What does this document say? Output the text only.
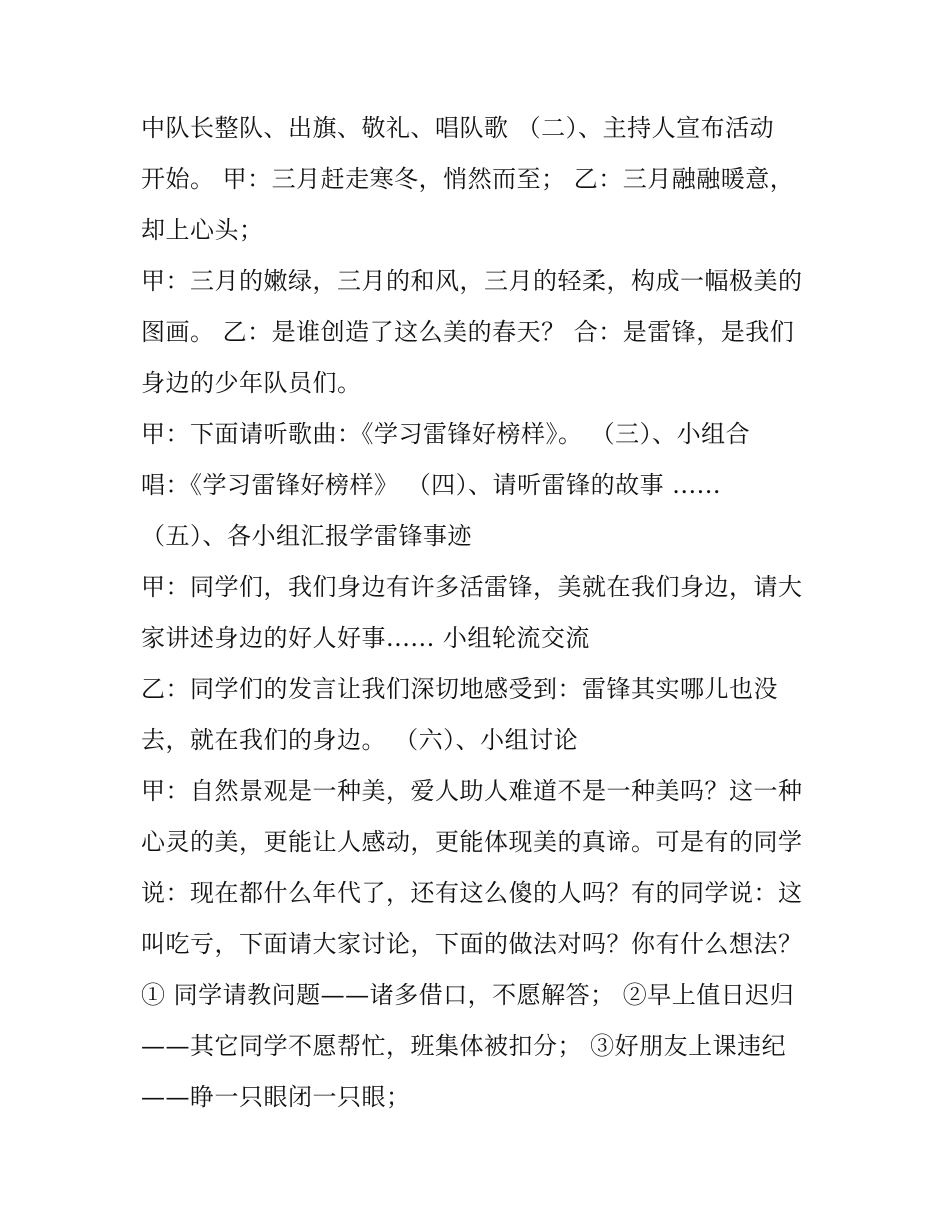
中队长整队、出旗、敬礼、唱队歌 （二）、主持人宣布活动
开始。 甲：三月赶走寒冬，悄然而至； 乙：三月融融暖意，
却上心头；
甲：三月的嫩绿，三月的和风，三月的轻柔，构成一幅极美的
图画。 乙：是谁创造了这么美的春天？ 合：是雷锋，是我们
身边的少年队员们。
甲：下面请听歌曲：《学习雷锋好榜样》。 （三）、小组合
唱：《学习雷锋好榜样》 （四）、请听雷锋的故事 ......
（五）、各小组汇报学雷锋事迹
甲：同学们，我们身边有许多活雷锋，美就在我们身边，请大
家讲述身边的好人好事...... 小组轮流交流
乙：同学们的发言让我们深切地感受到：雷锋其实哪儿也没
去，就在我们的身边。 （六）、小组讨论
甲：自然景观是一种美，爱人助人难道不是一种美吗？这一种
心灵的美，更能让人感动，更能体现美的真谛。可是有的同学
说：现在都什么年代了，还有这么傻的人吗？有的同学说：这
叫吃亏，下面请大家讨论，下面的做法对吗？你有什么想法？
① 同学请教问题——诸多借口，不愿解答； ②早上值日迟归
——其它同学不愿帮忙，班集体被扣分； ③好朋友上课违纪
——睁一只眼闭一只眼；
